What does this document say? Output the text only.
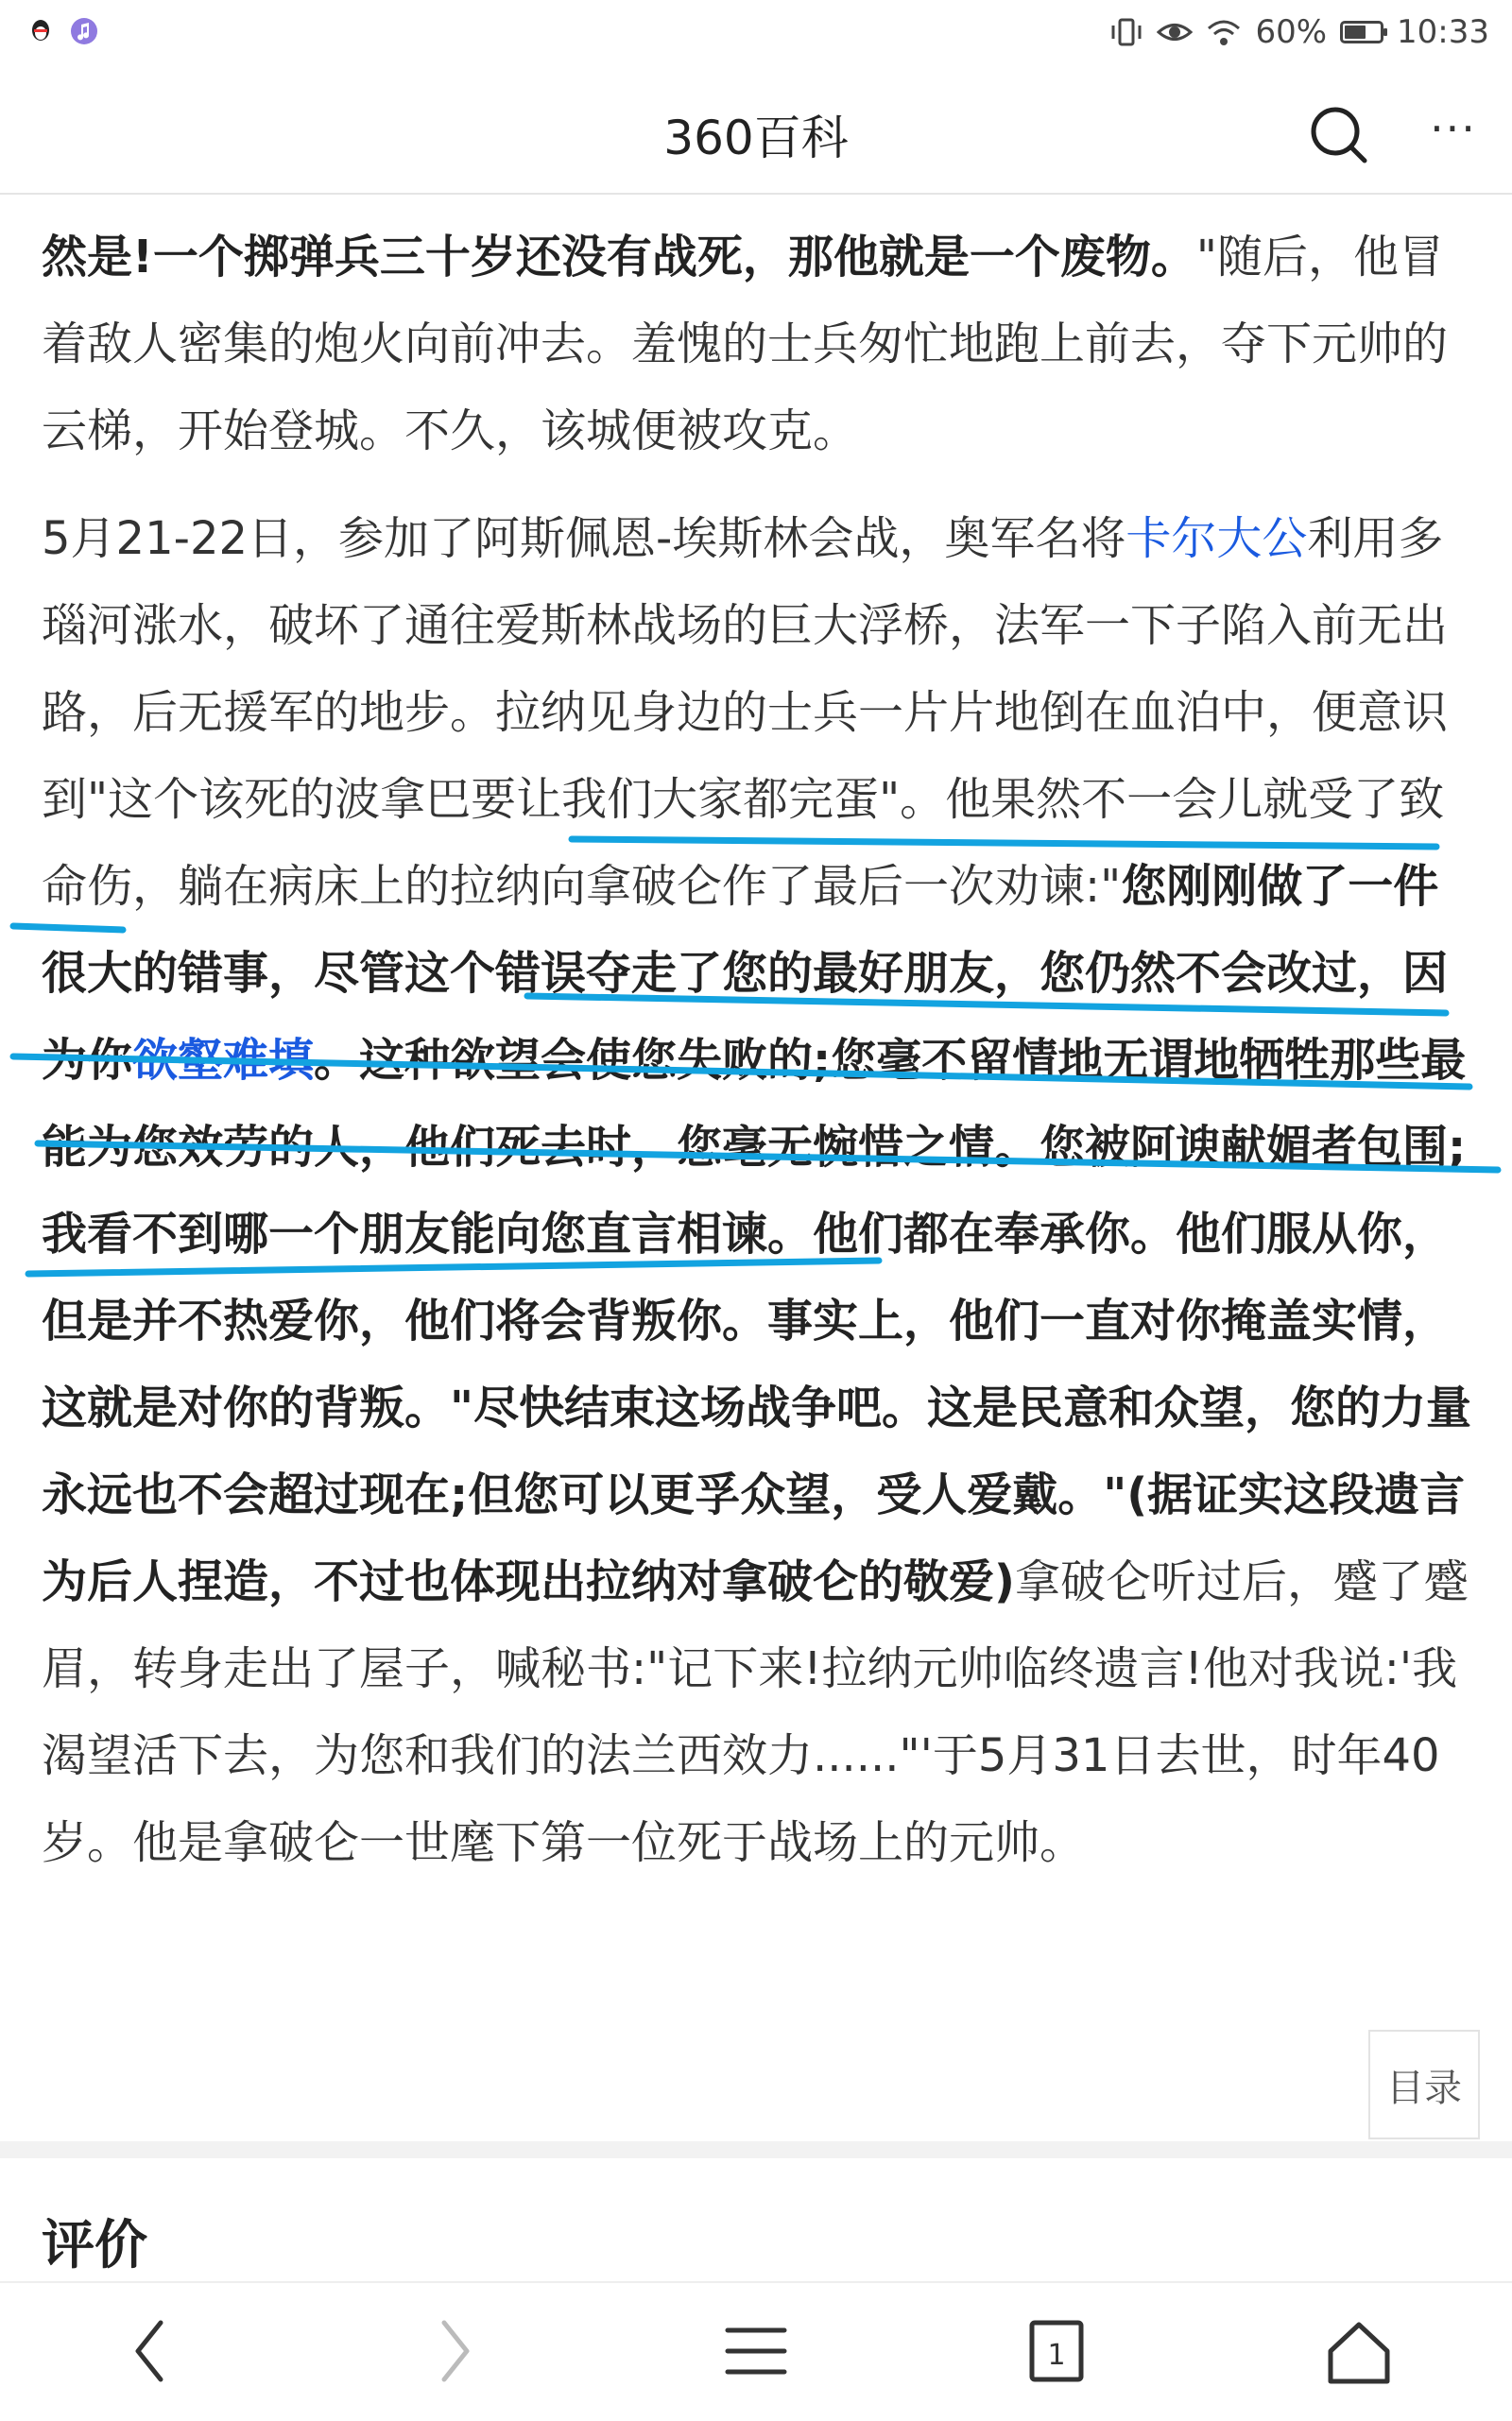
60% 10:33
360百科	···

然是!一个掷弹兵三十岁还没有战死，那他就是一个废物。"随后，他冒着敌人密集的炮火向前冲去。羞愧的士兵匆忙地跑上前去，夺下元帅的云梯，开始登城。不久，该城便被攻克。

5月21-22日，参加了阿斯佩恩-埃斯林会战，奥军名将卡尔大公利用多瑙河涨水，破坏了通往爱斯林战场的巨大浮桥，法军一下子陷入前无出路，后无援军的地步。拉纳见身边的士兵一片片地倒在血泊中，便意识到"这个该死的波拿巴要让我们大家都完蛋"。他果然不一会儿就受了致命伤，躺在病床上的拉纳向拿破仑作了最后一次劝谏:"您刚刚做了一件很大的错事，尽管这个错误夺走了您的最好朋友，您仍然不会改过，因为你欲壑难填。这种欲望会使您失败的;您毫不留情地无谓地牺牲那些最能为您效劳的人，他们死去时，您毫无惋惜之情。您被阿谀献媚者包围;我看不到哪一个朋友能向您直言相谏。他们都在奉承你。他们服从你，但是并不热爱你，他们将会背叛你。事实上，他们一直对你掩盖实情，这就是对你的背叛。"尽快结束这场战争吧。这是民意和众望，您的力量永远也不会超过现在;但您可以更孚众望，受人爱戴。"(据证实这段遗言为后人捏造，不过也体现出拉纳对拿破仑的敬爱)拿破仑听过后，蹙了蹙眉，转身走出了屋子，喊秘书:"记下来!拉纳元帅临终遗言!他对我说:'我渴望活下去，为您和我们的法兰西效力......"'于5月31日去世，时年40岁。他是拿破仑一世麾下第一位死于战场上的元帅。

目录
评价
1
